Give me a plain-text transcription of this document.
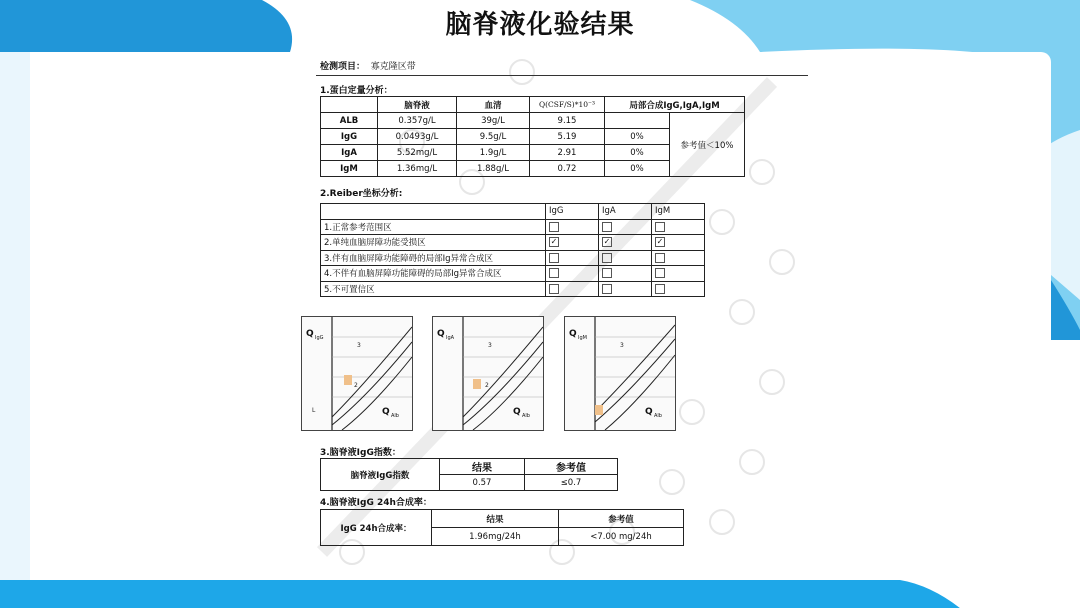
脑脊液化验结果
检测项目： 寡克隆区带
1.蛋白定量分析：
	脑脊液	血清	Q(CSF/S)*10⁻³	局部合成IgG,IgA,IgM	
ALB	0.357g/L	39g/L	9.15		参考值＜10%
IgG	0.0493g/L	9.5g/L	5.19	0%	
IgA	5.52mg/L	1.9g/L	2.91	0%	
IgM	1.36mg/L	1.88g/L	0.72	0%	
2.Reiber坐标分析:
	IgG	IgA	IgM
1.正常参考范围区			
2.单纯血脑屏障功能受损区	✓	✓	✓
3.伴有血脑屏障功能障碍的局部Ig异常合成区			
4.不伴有血脑屏障功能障碍的局部Ig异常合成区			
5.不可置信区			
L
2
3
Q IgG
Q Alb
2
3
Q IgA
Q Alb
3
Q IgM
Q Alb
3.脑脊液IgG指数：
脑脊液IgG指数	结果	参考值
	0.57	≤0.7
4.脑脊液IgG 24h合成率：
IgG 24h合成率：	结果	参考值
	1.96mg/24h	<7.00 mg/24h
